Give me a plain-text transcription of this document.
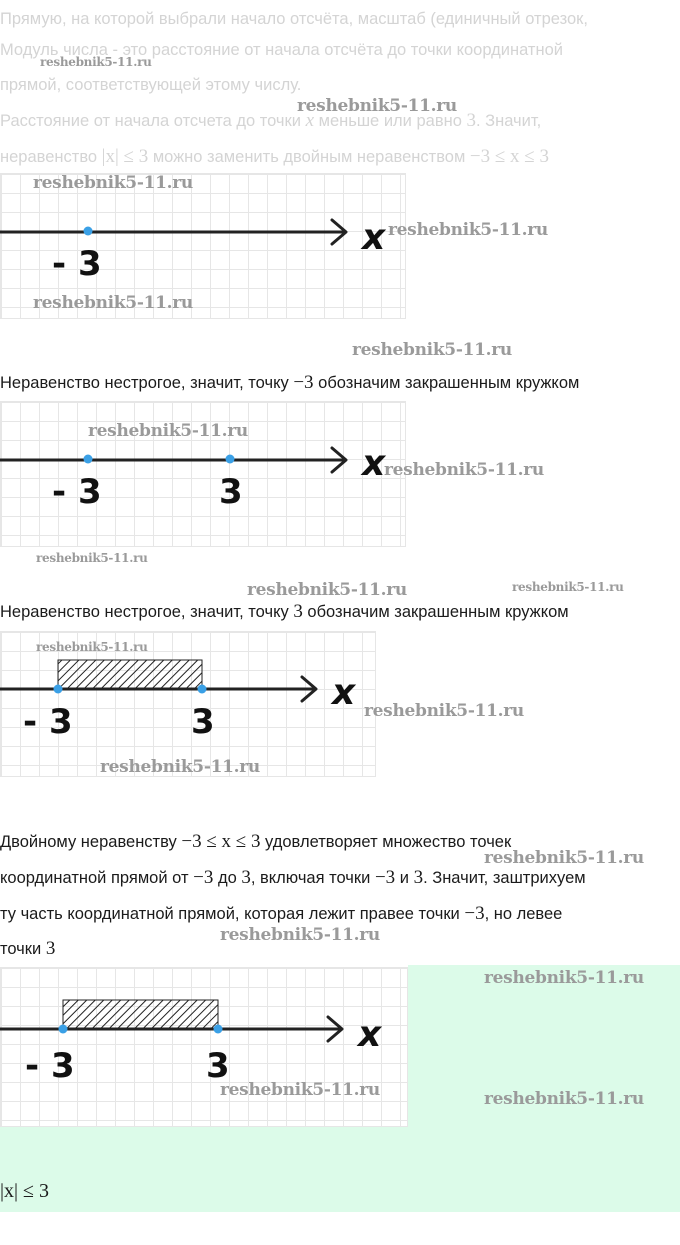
Прямую, на которой выбрали начало отсчёта, масштаб (единичный отрезок,
Модуль числа - это расстояние от начала отсчёта до точки координатной
прямой, соответствующей этому числу.
Расстояние от начала отсчета до точки x меньше или равно 3. Значит,
неравенство |x| ≤ 3 можно заменить двойным неравенством −3 ≤ x ≤ 3
- 3
x
Неравенство нестрогое, значит, точку −3 обозначим закрашенным кружком
- 3	3
x
Неравенство нестрогое, значит, точку 3 обозначим закрашенным кружком
- 3	3
x
Двойному неравенству −3 ≤ x ≤ 3 удовлетворяет множество точек
координатной прямой от −3 до 3, включая точки −3 и 3. Значит, заштрихуем
ту часть координатной прямой, которая лежит правее точки −3, но левее
точки 3
- 3	3
x
|x| ≤ 3
reshebnik5-11.ru
reshebnik5-11.ru
reshebnik5-11.ru
reshebnik5-11.ru
reshebnik5-11.ru
reshebnik5-11.ru
reshebnik5-11.ru
reshebnik5-11.ru
reshebnik5-11.ru
reshebnik5-11.ru	reshebnik5-11.ru
reshebnik5-11.ru
reshebnik5-11.ru
reshebnik5-11.ru
reshebnik5-11.ru
reshebnik5-11.ru
reshebnik5-11.ru
reshebnik5-11.ru	reshebnik5-11.ru
